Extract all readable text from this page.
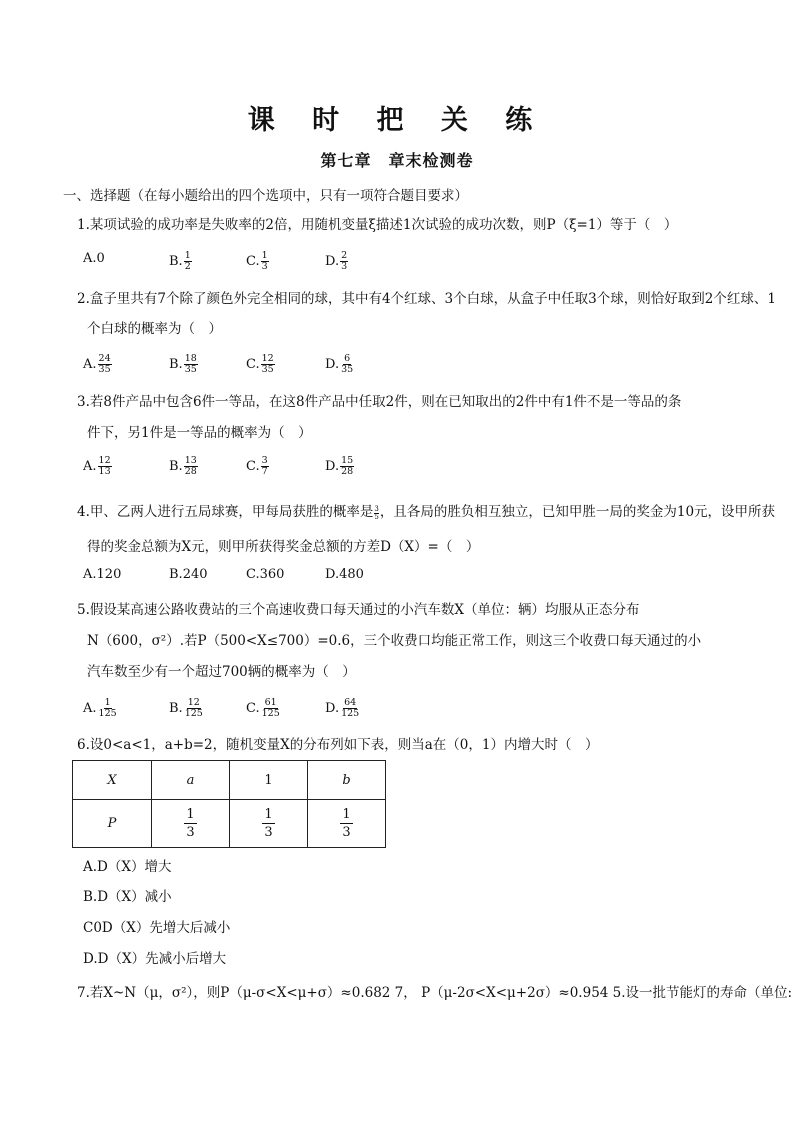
课 时 把 关 练
第七章　章末检测卷
一、选择题（在每小题给出的四个选项中，只有一项符合题目要求）
1.某项试验的成功率是失败率的2倍，用随机变量ξ描述1次试验的成功次数，则P（ξ=1）等于（　）
A. 0	B. $\frac{1}{2}$	C. $\frac{1}{3}$	D. $\frac{2}{3}$
2.盒子里共有7个除了颜色外完全相同的球，其中有4个红球、3个白球，从盒子中任取3个球，则恰好取到2个红球、1
个白球的概率为（　）
A. $\frac{24}{35}$	B. $\frac{18}{35}$	C. $\frac{12}{35}$	D. $\frac{6}{35}$
3.若8件产品中包含6件一等品，在这8件产品中任取2件，则在已知取出的2件中有1件不是一等品的条
件下，另1件是一等品的概率为（　）
A. $\frac{12}{13}$	B. $\frac{13}{28}$	C. $\frac{3}{7}$	D. $\frac{15}{28}$
4.甲、乙两人进行五局球赛，甲每局获胜的概率是 $\frac{3}{5}$ ，且各局的胜负相互独立，已知甲胜一局的奖金为10元，设甲所获
得的奖金总额为X元，则甲所获得奖金总额的方差D（X）=（　）
A. 120	B. 240	C. 360	D. 480
5.假设某高速公路收费站的三个高速收费口每天通过的小汽车数X（单位：辆）均服从正态分布
N（600，σ²）.若P（500<X≤700）=0.6，三个收费口均能正常工作，则这三个收费口每天通过的小
汽车数至少有一个超过700辆的概率为（　）
A. $\frac{1}{125}$	B. $\frac{12}{125}$	C. $\frac{61}{125}$	D. $\frac{64}{125}$
6.设0<a<1，a+b=2，随机变量X的分布列如下表，则当a在（0，1）内增大时（　）
X	a	1	b
P	$\frac{1}{3}$	$\frac{1}{3}$	$\frac{1}{3}$
A.D（X）增大
B.D（X）减小
C0D（X）先增大后减小
D.D（X）先减小后增大
7.若X~N（μ，σ²），则P（μ-σ<X<μ+σ）≈0.682 7， P（μ-2σ<X<μ+2σ）≈0.954 5.设一批节能灯的寿命（单位:
